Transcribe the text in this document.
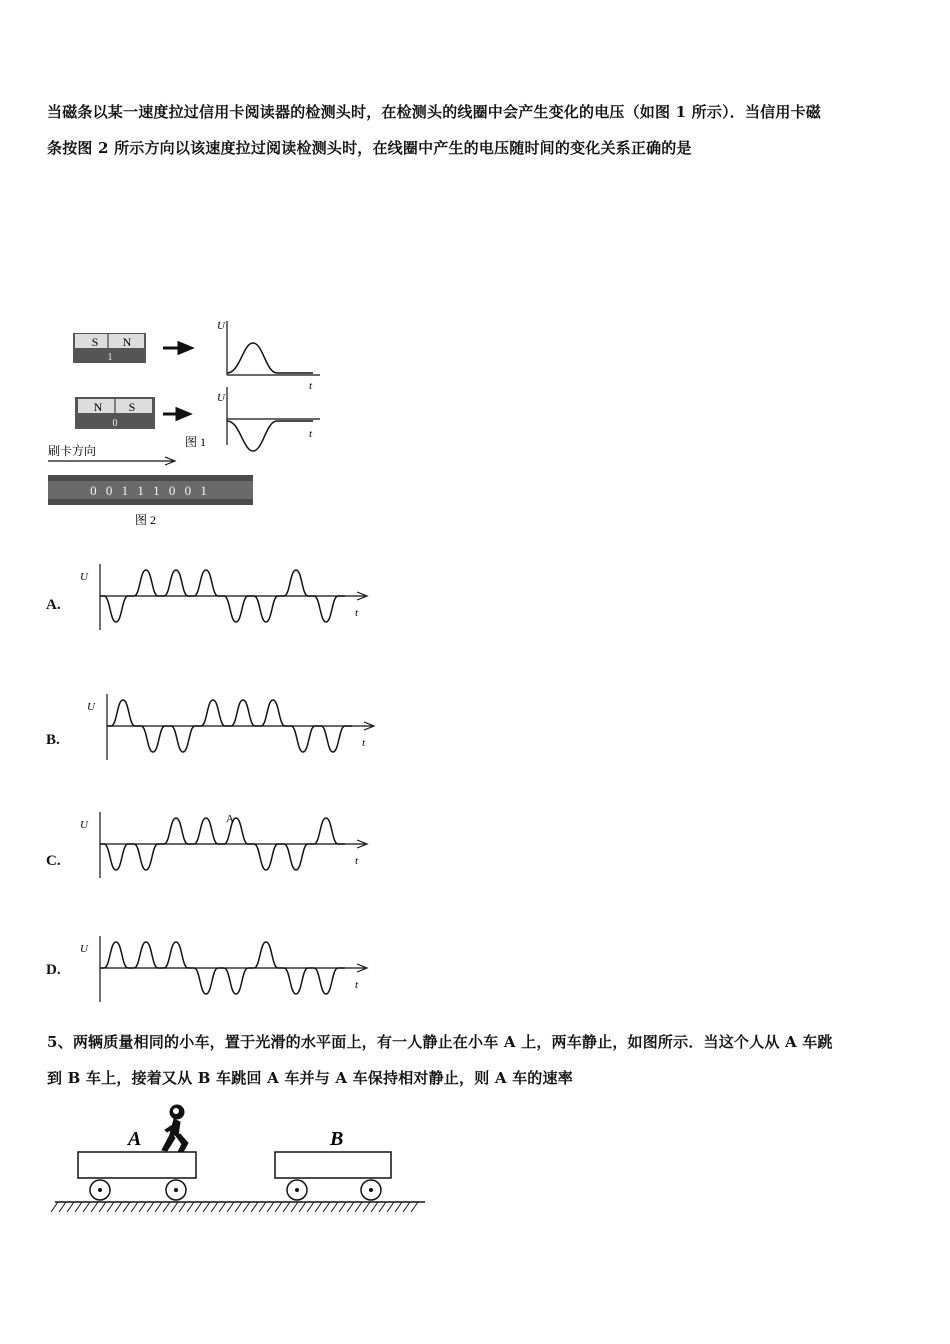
当磁条以某一速度拉过信用卡阅读器的检测头时，在检测头的线圈中会产生变化的电压（如图 1 所示）．当信用卡磁
条按图 2 所示方向以该速度拉过阅读检测头时，在线圈中产生的电压随时间的变化关系正确的是
S N
1
U
t
N S
0
U
t
图 1
刷卡方向
0 0 1 1 1 0 0 1
图 2
A.
U
t
B.
U
t
C.
U
t
A
D.
U
t
5、两辆质量相同的小车，置于光滑的水平面上，有一人静止在小车 A 上，两车静止，如图所示．当这个人从 A 车跳
到 B 车上，接着又从 B 车跳回 A 车并与 A 车保持相对静止，则 A 车的速率
A	B
